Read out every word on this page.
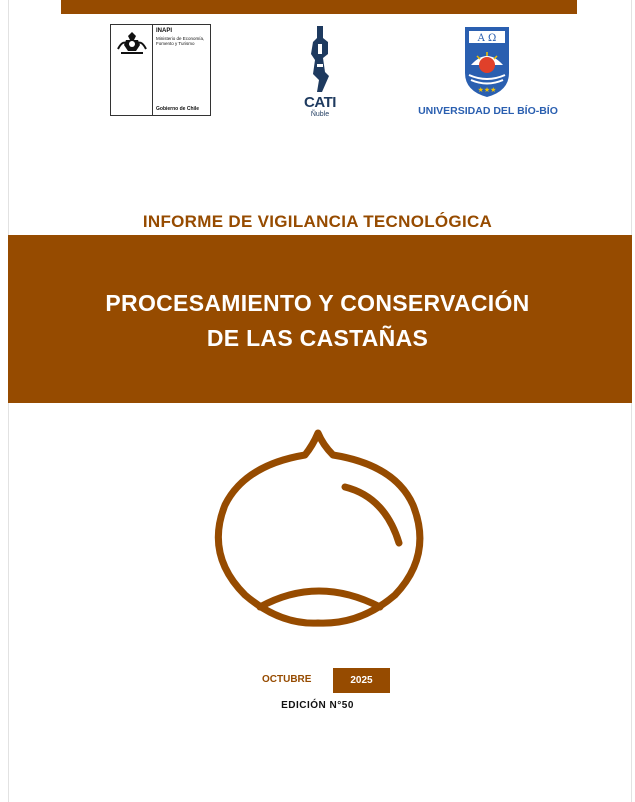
INAPI
Ministerio de Economía, Fomento y Turismo
Gobierno de Chile	CATI
Ñuble
A Ω
★★★
UNIVERSIDAD DEL BÍO-BÍO
INFORME DE VIGILANCIA TECNOLÓGICA
PROCESAMIENTO Y CONSERVACIÓN
DE LAS CASTAÑAS
OCTUBRE	2025
EDICIÓN N°50
